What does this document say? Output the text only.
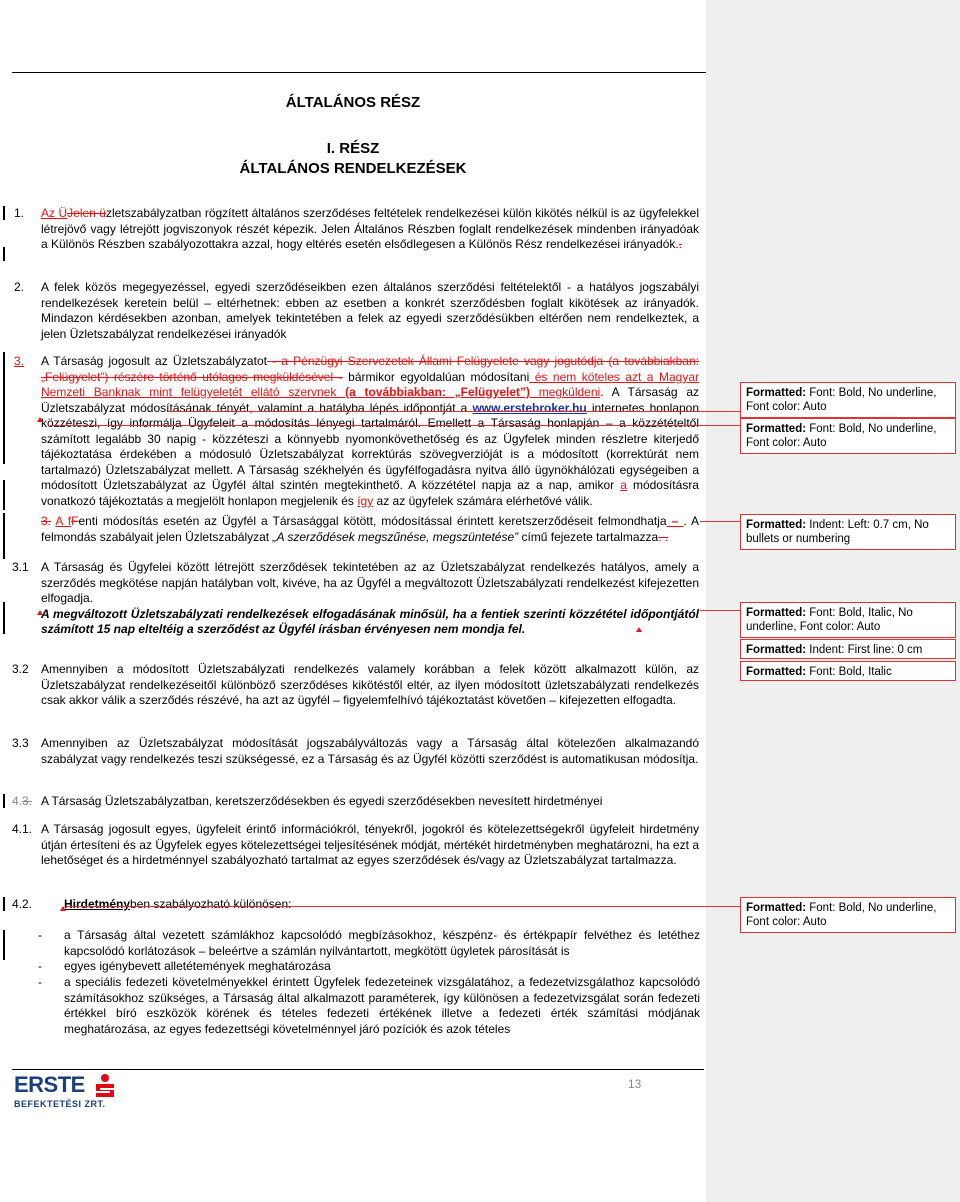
ÁLTALÁNOS RÉSZ
I. RÉSZ
ÁLTALÁNOS RENDELKEZÉSEK
1. Az ÜJelen üzletszabályzatban rögzített általános szerződéses feltételek rendelkezései külön kikötés nélkül is az ügyfelekkel létrejövő vagy létrejött jogviszonyok részét képezik. Jelen Általános Részben foglalt rendelkezések mindenben irányadóak a Különös Részben szabályozottakra azzal, hogy eltérés esetén elsődlegesen a Különös Rész rendelkezései irányadók..
2. A felek közös megegyezéssel, egyedi szerződéseikben ezen általános szerződési feltételektől - a hatályos jogszabályi rendelkezések keretein belül – eltérhetnek: ebben az esetben a konkrét szerződésben foglalt kikötések az irányadók. Mindazon kérdésekben azonban, amelyek tekintetében a felek az egyedi szerződésükben eltérően nem rendelkeztek, a jelen Üzletszabályzat rendelkezései irányadók
3. A Társaság jogosult az Üzletszabályzatot - a Pénzügyi Szervezetek Állami Felügyelete vagy jogutódja (a továbbiakban: „Felügyelet”) részére történő utólagos megküldésével - bármikor egyoldalúan módosítani és nem köteles azt a Magyar Nemzeti Banknak mint felügyeletét ellátó szervnek (a továbbiakban: „Felügyelet”) megküldeni. A Társaság az Üzletszabályzat módosításának tényét, valamint a hatályba lépés időpontját a www.erstebroker.hu internetes honlapon közzéteszi, így informálja Ügyfeleit a módosítás lényegi tartalmáról. Emellett a Társaság honlapján – a közzétételtől számított legalább 30 napig - közzéteszi a könnyebb nyomonkövethetőség és az Ügyfelek minden részletre kiterjedő tájékoztatása érdekében a módosuló Üzletszabályzat korrektúrás szövegverzióját is a módosított (korrektúrát nem tartalmazó) Üzletszabályzat mellett. A Társaság székhelyén és ügyfélfogadásra nyitva álló ügynökhálózati egységeiben a módosított Üzletszabályzat az Ügyfél által szintén megtekinthető. A közzététel napja az a nap, amikor a módosításra vonatkozó tájékoztatás a megjelölt honlapon megjelenik és így az az ügyfelek számára elérhetővé válik.
3. A fFenti módosítás esetén az Ügyfél a Társasággal kötött, módosítással érintett keretszerződéseit felmondhatja – . A felmondás szabályait jelen Üzletszabályzat „A szerződések megszűnése, megszüntetése” című fejezete tartalmazza. .
3.1 A Társaság és Ügyfelei között létrejött szerződések tekintetében az az Üzletszabályzat rendelkezés hatályos, amely a szerződés megkötése napján hatályban volt, kivéve, ha az Ügyfél a megváltozott Üzletszabályzati rendelkezést kifejezetten elfogadja.
A megváltozott Üzletszabályzati rendelkezések elfogadásának minősül, ha a fentiek szerinti közzététel időpontjától számított 15 nap elteltéig a szerződést az Ügyfél írásban érvényesen nem mondja fel.
3.2 Amennyiben a módosított Üzletszabályzati rendelkezés valamely korábban a felek között alkalmazott külön, az Üzletszabályzat rendelkezéseitől különböző szerződéses kikötéstől eltér, az ilyen módosított üzletszabályzati rendelkezés csak akkor válik a szerződés részévé, ha azt az ügyfél – figyelemfelhívó tájékoztatást követően – kifejezetten elfogadta.
3.3 Amennyiben az Üzletszabályzat módosítását jogszabályváltozás vagy a Társaság által kötelezően alkalmazandó szabályzat vagy rendelkezés teszi szükségessé, ez a Társaság és az Ügyfél közötti szerződést is automatikusan módosítja.
4.3. A Társaság Üzletszabályzatban, keretszerződésekben és egyedi szerződésekben nevesített hirdetményei
4.1. A Társaság jogosult egyes, ügyfeleit érintő információkról, tényekről, jogokról és kötelezettségekről ügyfeleit hirdetmény útján értesíteni és az Ügyfelek egyes kötelezettségei teljesítésének módját, mértékét hirdetményben meghatározni, ha ezt a lehetőséget és a hirdetménnyel szabályozható tartalmat az egyes szerződések és/vagy az Üzletszabályzat tartalmazza.
4.2.	Hirdetményben szabályozható különösen:
- a Társaság által vezetett számlákhoz kapcsolódó megbízásokhoz, készpénz- és értékpapír felvéthez és letéthez kapcsolódó korlátozások – beleértve a számlán nyilvántartott, megkötött ügyletek párosítását is
- egyes igénybevett alletétemények meghatározása
- a speciális fedezeti követelményekkel érintett Ügyfelek fedezeteinek vizsgálatához, a fedezetvizsgálathoz kapcsolódó számításokhoz szükséges, a Társaság által alkalmazott paraméterek, így különösen a fedezetvizsgálat során fedezeti értékkel bíró eszközök körének és tételes fedezeti értékének illetve a fedezeti érték számítási módjának meghatározása, az egyes fedezettségi követelménnyel járó pozíciók és azok tételes
ERSTE
BEFEKTETÉSI ZRT.
13
Formatted: Font: Bold, No underline, Font color: Auto
Formatted: Font: Bold, No underline, Font color: Auto
Formatted: Indent: Left: 0.7 cm, No bullets or numbering
Formatted: Font: Bold, Italic, No underline, Font color: Auto
Formatted: Indent: First line: 0 cm
Formatted: Font: Bold, Italic
Formatted: Font: Bold, No underline, Font color: Auto
